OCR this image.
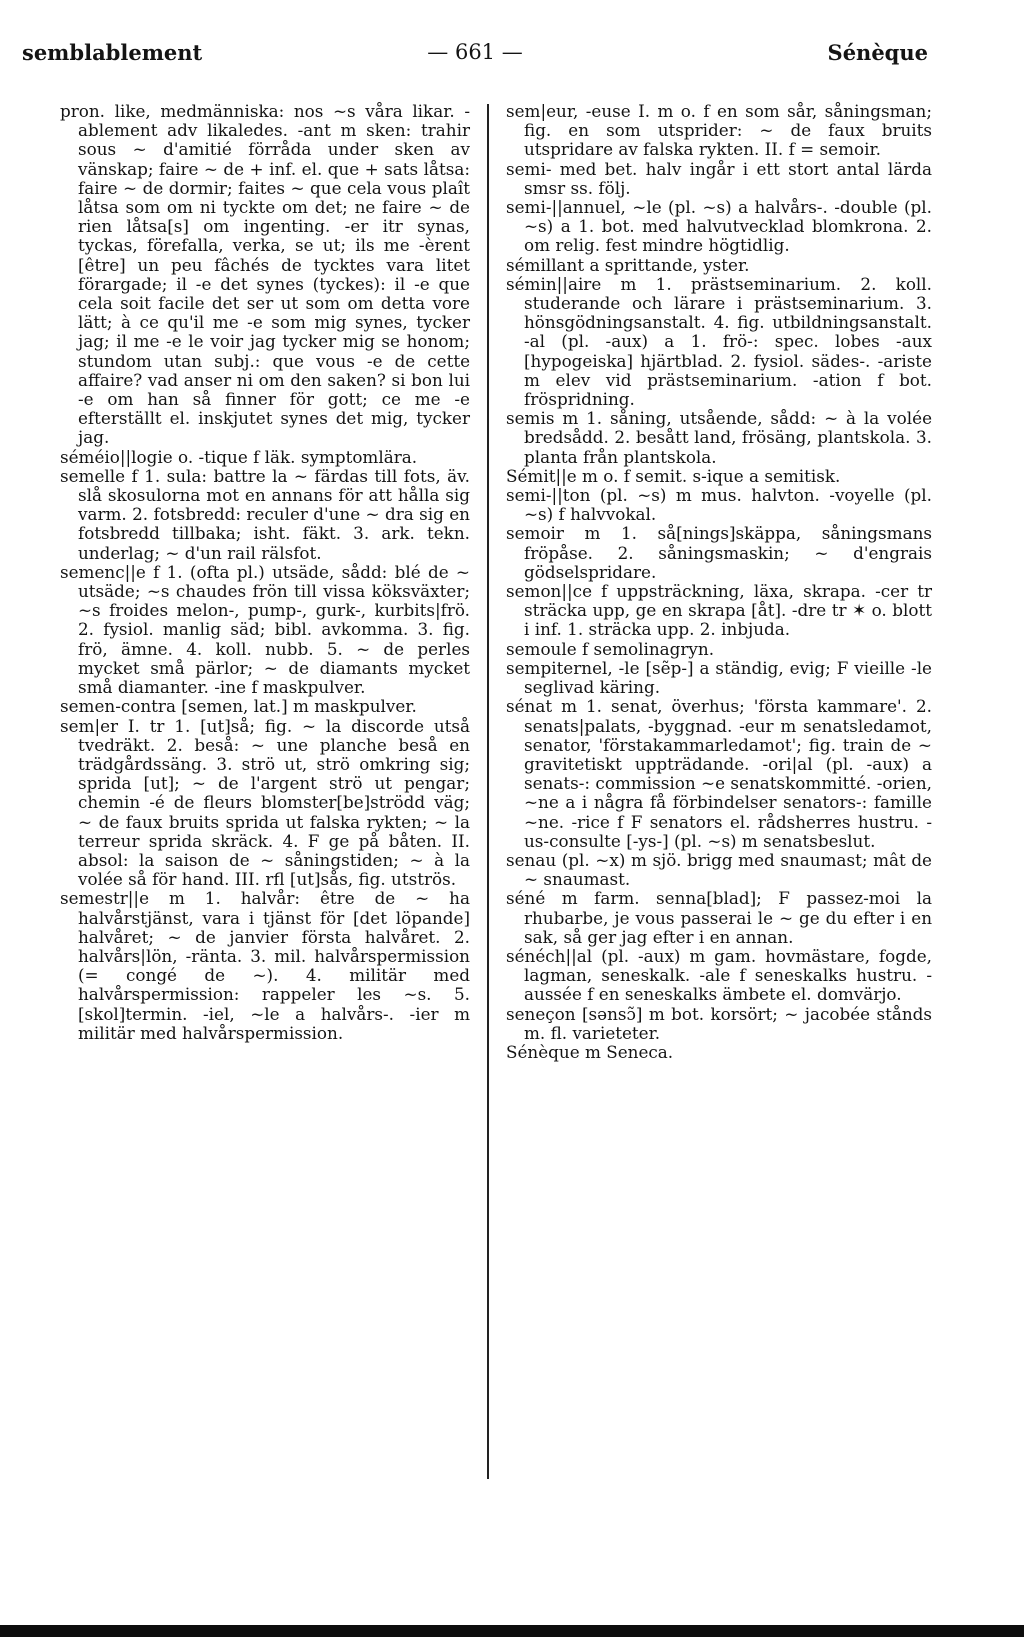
semblablement	— 661 —	Sénèque

pron. like, medmänniska: nos ~s våra likar. -ablement adv likaledes. -ant m sken: trahir sous ~ d'amitié förråda under sken av vänskap; faire ~ de + inf. el. que + sats låtsa: faire ~ de dormir; faites ~ que cela vous plaît låtsa som om ni tyckte om det; ne faire ~ de rien låtsa[s] om ingenting. -er itr synas, tyckas, förefalla, verka, se ut; ils me -èrent [être] un peu fâchés de tycktes vara litet förargade; il -e det synes (tyckes): il -e que cela soit facile det ser ut som om detta vore lätt; à ce qu'il me -e som mig synes, tycker jag; il me -e le voir jag tycker mig se honom; stundom utan subj.: que vous -e de cette affaire? vad anser ni om den saken? si bon lui -e om han så finner för gott; ce me -e efterställt el. inskjutet synes det mig, tycker jag.

séméio||logie o. -tique f läk. symptomlära.

semelle f 1. sula: battre la ~ färdas till fots, äv. slå skosulorna mot en annans för att hålla sig varm. 2. fotsbredd: reculer d'une ~ dra sig en fotsbredd tillbaka; isht. fäkt. 3. ark. tekn. underlag; ~ d'un rail rälsfot.

semenc||e f 1. (ofta pl.) utsäde, sådd: blé de ~ utsäde; ~s chaudes frön till vissa köksväxter; ~s froides melon-, pump-, gurk-, kurbits|frö. 2. fysiol. manlig säd; bibl. avkomma. 3. fig. frö, ämne. 4. koll. nubb. 5. ~ de perles mycket små pärlor; ~ de diamants mycket små diamanter. -ine f maskpulver.

semen-contra [semen, lat.] m maskpulver.

sem|er I. tr 1. [ut]så; fig. ~ la discorde utså tvedräkt. 2. beså: ~ une planche beså en trädgårdssäng. 3. strö ut, strö omkring sig; sprida [ut]; ~ de l'argent strö ut pengar; chemin -é de fleurs blomster[be]strödd väg; ~ de faux bruits sprida ut falska rykten; ~ la terreur sprida skräck. 4. F ge på båten. II. absol: la saison de ~ såningstiden; ~ à la volée så för hand. III. rfl [ut]sås, fig. utströs.

semestr||e m 1. halvår: être de ~ ha halvårstjänst, vara i tjänst för [det löpande] halvåret; ~ de janvier första halvåret. 2. halvårs|lön, -ränta. 3. mil. halvårspermission (= congé de ~). 4. militär med halvårspermission: rappeler les ~s. 5. [skol]termin. -iel, ~le a halvårs-. -ier m militär med halvårspermission.

sem|eur, -euse I. m o. f en som sår, såningsman; fig. en som utsprider: ~ de faux bruits utspridare av falska rykten. II. f = semoir.

semi- med bet. halv ingår i ett stort antal lärda smsr ss. följ.

semi-||annuel, ~le (pl. ~s) a halvårs-. -double (pl. ~s) a 1. bot. med halvutvecklad blomkrona. 2. om relig. fest mindre högtidlig.

sémillant a sprittande, yster.

sémin||aire m 1. prästseminarium. 2. koll. studerande och lärare i prästseminarium. 3. hönsgödningsanstalt. 4. fig. utbildningsanstalt. -al (pl. -aux) a 1. frö-: spec. lobes -aux [hypogeiska] hjärtblad. 2. fysiol. sädes-. -ariste m elev vid prästseminarium. -ation f bot. fröspridning.

semis m 1. såning, utsående, sådd: ~ à la volée bredsådd. 2. besått land, frösäng, plantskola. 3. planta från plantskola.

Sémit||e m o. f semit. s-ique a semitisk.

semi-||ton (pl. ~s) m mus. halvton. -voyelle (pl. ~s) f halvvokal.

semoir m 1. så[nings]skäppa, såningsmans fröpåse. 2. såningsmaskin; ~ d'engrais gödselspridare.

semon||ce f uppsträckning, läxa, skrapa. -cer tr sträcka upp, ge en skrapa [åt]. -dre tr ✶ o. blott i inf. 1. sträcka upp. 2. inbjuda.

semoule f semolinagryn.

sempiternel, -le [sẽp-] a ständig, evig; F vieille -le seglivad käring.

sénat m 1. senat, överhus; 'första kammare'. 2. senats|palats, -byggnad. -eur m senatsledamot, senator, 'förstakammarledamot'; fig. train de ~ gravitetiskt uppträdande. -ori|al (pl. -aux) a senats-: commission ~e senatskommitté. -orien, ~ne a i några få förbindelser senators-: famille ~ne. -rice f F senators el. rådsherres hustru. -us-consulte [-ys-] (pl. ~s) m senatsbeslut.

senau (pl. ~x) m sjö. brigg med snaumast; mât de ~ snaumast.

séné m farm. senna[blad]; F passez-moi la rhubarbe, je vous passerai le ~ ge du efter i en sak, så ger jag efter i en annan.

sénéch||al (pl. -aux) m gam. hovmästare, fogde, lagman, seneskalk. -ale f seneskalks hustru. -aussée f en seneskalks ämbete el. domvärjo.

seneçon [sənsɔ̃] m bot. korsört; ~ jacobée stånds m. fl. varieteter.

Sénèque m Seneca.
